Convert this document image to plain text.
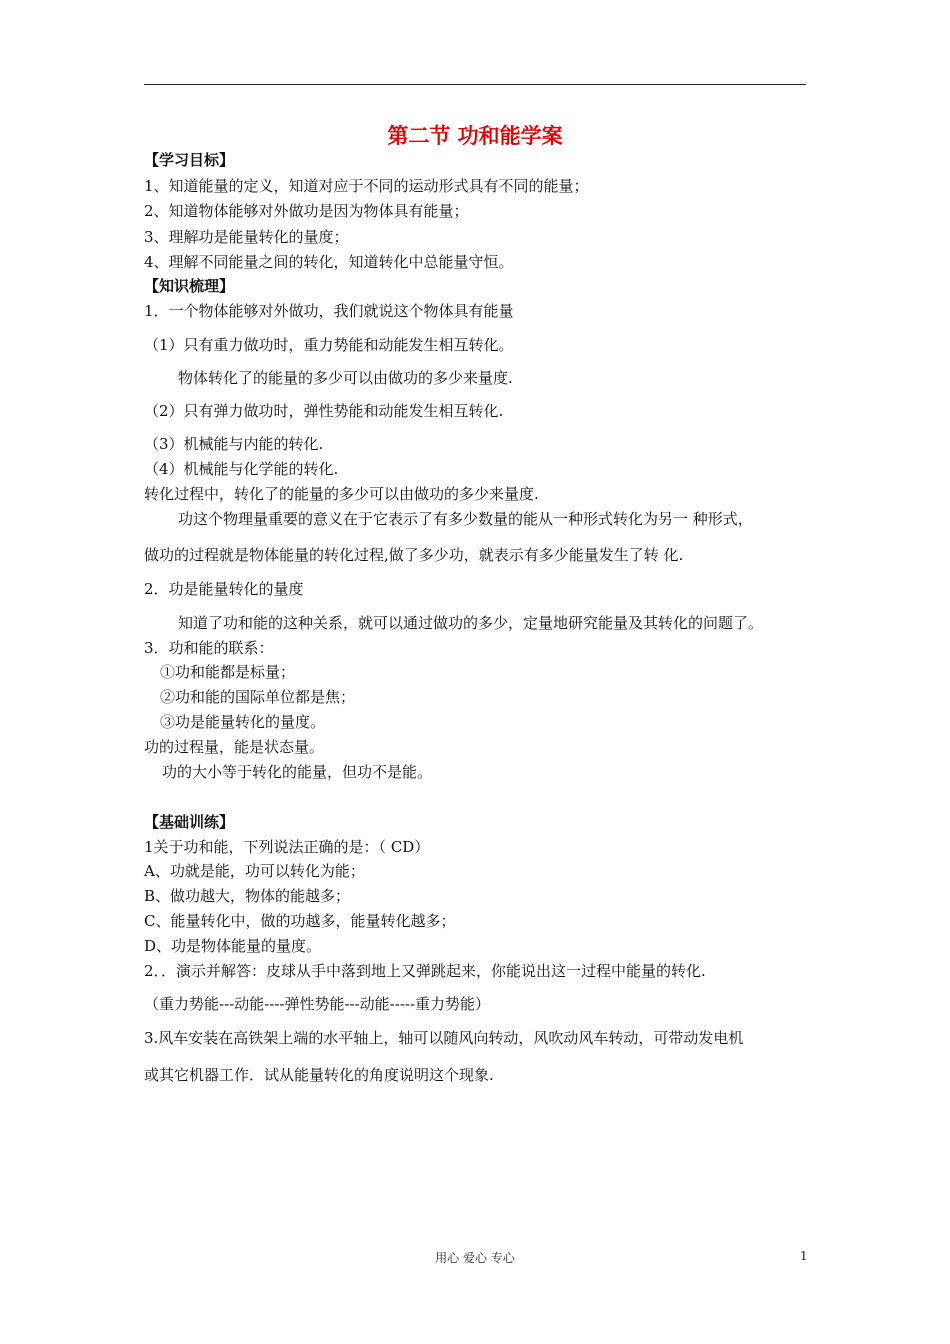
第二节 功和能学案
【学习目标】
1、知道能量的定义，知道对应于不同的运动形式具有不同的能量；
2、知道物体能够对外做功是因为物体具有能量；
3、理解功是能量转化的量度；
4、理解不同能量之间的转化，知道转化中总能量守恒。
【知识梳理】
1．一个物体能够对外做功，我们就说这个物体具有能量
（1）只有重力做功时，重力势能和动能发生相互转化。
物体转化了的能量的多少可以由做功的多少来量度.
（2）只有弹力做功时，弹性势能和动能发生相互转化.
（3）机械能与内能的转化.
（4）机械能与化学能的转化.
转化过程中，转化了的能量的多少可以由做功的多少来量度.
功这个物理量重要的意义在于它表示了有多少数量的能从一种形式转化为另一 种形式，
做功的过程就是物体能量的转化过程,做了多少功，就表示有多少能量发生了转 化.
2．功是能量转化的量度
知道了功和能的这种关系，就可以通过做功的多少，定量地研究能量及其转化的问题了。
3．功和能的联系：
①功和能都是标量；
②功和能的国际单位都是焦；
③功是能量转化的量度。
功的过程量，能是状态量。
功的大小等于转化的能量，但功不是能。
【基础训练】
1关于功和能，下列说法正确的是：（ CD）
A、功就是能，功可以转化为能；
B、做功越大，物体的能越多；
C、能量转化中，做的功越多，能量转化越多；
D、功是物体能量的量度。
2．．演示并解答：皮球从手中落到地上又弹跳起来，你能说出这一过程中能量的转化.
（重力势能---动能----弹性势能---动能-----重力势能）
3.风车安装在高铁架上端的水平轴上，轴可以随风向转动，风吹动风车转动，可带动发电机
或其它机器工作．试从能量转化的角度说明这个现象.
用心 爱心 专心	1
